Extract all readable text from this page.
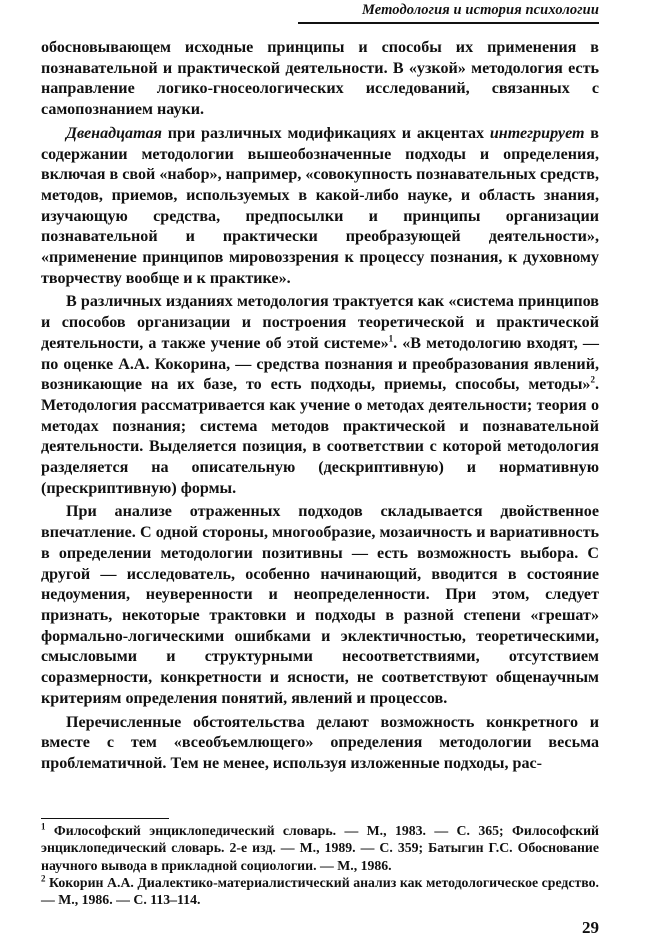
Методология и история психологии

обосновывающем исходные принципы и способы их применения в познавательной и практической деятельности. В «узкой» методология есть направление логико-гносеологических исследований, связанных с самопознанием науки.

Двенадцатая при различных модификациях и акцентах интегрирует в содержании методологии вышеобозначенные подходы и определения, включая в свой «набор», например, «совокупность познавательных средств, методов, приемов, используемых в какой-либо науке, и область знания, изучающую средства, предпосылки и принципы организации познавательной и практически преобразующей деятельности», «применение принципов мировоззрения к процессу познания, к духовному творчеству вообще и к практике».

В различных изданиях методология трактуется как «система принципов и способов организации и построения теоретической и практической деятельности, а также учение об этой системе»$^1$. «В методологию входят, — по оценке А.А. Кокорина, — средства познания и преобразования явлений, возникающие на их базе, то есть подходы, приемы, способы, методы»$^2$. Методология рассматривается как учение о методах деятельности; теория о методах познания; система методов практической и познавательной деятельности. Выделяется позиция, в соответствии с которой методология разделяется на описательную (дескриптивную) и нормативную (прескриптивную) формы.

При анализе отраженных подходов складывается двойственное впечатление. С одной стороны, многообразие, мозаичность и вариативность в определении методологии позитивны — есть возможность выбора. С другой — исследователь, особенно начинающий, вводится в состояние недоумения, неуверенности и неопределенности. При этом, следует признать, некоторые трактовки и подходы в разной степени «грешат» формально-логическими ошибками и эклектичностью, теоретическими, смысловыми и структурными несоответствиями, отсутствием соразмерности, конкретности и ясности, не соответствуют общенаучным критериям определения понятий, явлений и процессов.

Перечисленные обстоятельства делают возможность конкретного и вместе с тем «всеобъемлющего» определения методологии весьма проблематичной. Тем не менее, используя изложенные подходы, рас-

$^1$ Философский энциклопедический словарь. — М., 1983. — С. 365; Философский энциклопедический словарь. 2-е изд. — М., 1989. — С. 359; Батыгин Г.С. Обоснование научного вывода в прикладной социологии. — М., 1986.

$^2$ Кокорин А.А. Диалектико-материалистический анализ как методологическое средство. — М., 1986. — С. 113–114.

29
